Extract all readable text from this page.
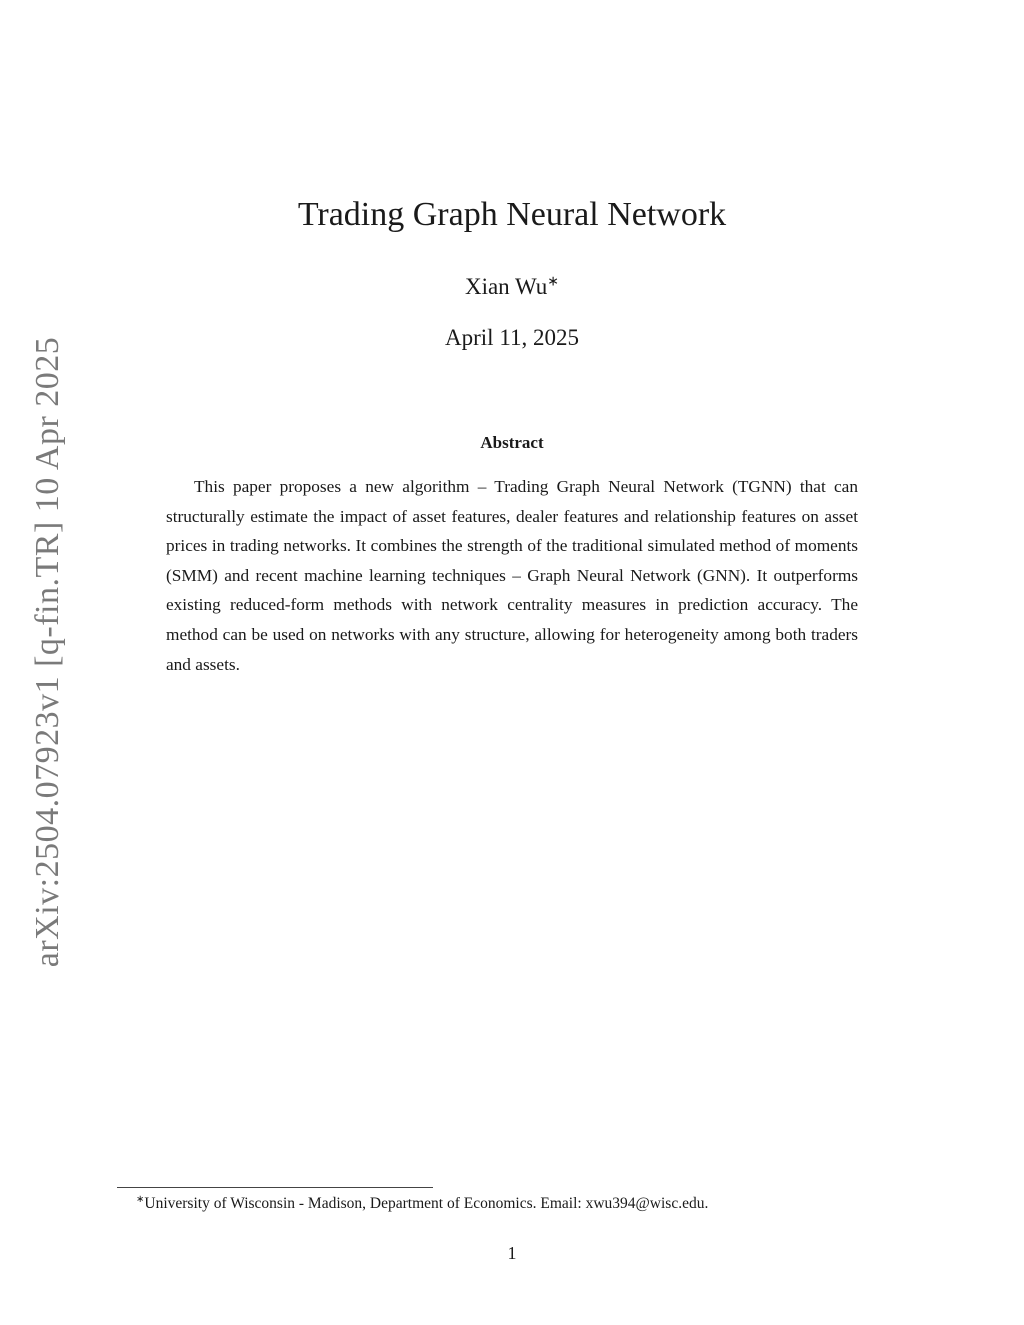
arXiv:2504.07923v1 [q-fin.TR] 10 Apr 2025
Trading Graph Neural Network
Xian Wu∗
April 11, 2025
Abstract

This paper proposes a new algorithm – Trading Graph Neural Network (TGNN) that can structurally estimate the impact of asset features, dealer features and relationship features on asset prices in trading networks. It combines the strength of the traditional simulated method of moments (SMM) and recent machine learning techniques – Graph Neural Network (GNN). It outperforms existing reduced-form methods with network centrality measures in prediction accuracy. The method can be used on networks with any structure, allowing for heterogeneity among both traders and assets.

∗University of Wisconsin - Madison, Department of Economics. Email: xwu394@wisc.edu.
1
